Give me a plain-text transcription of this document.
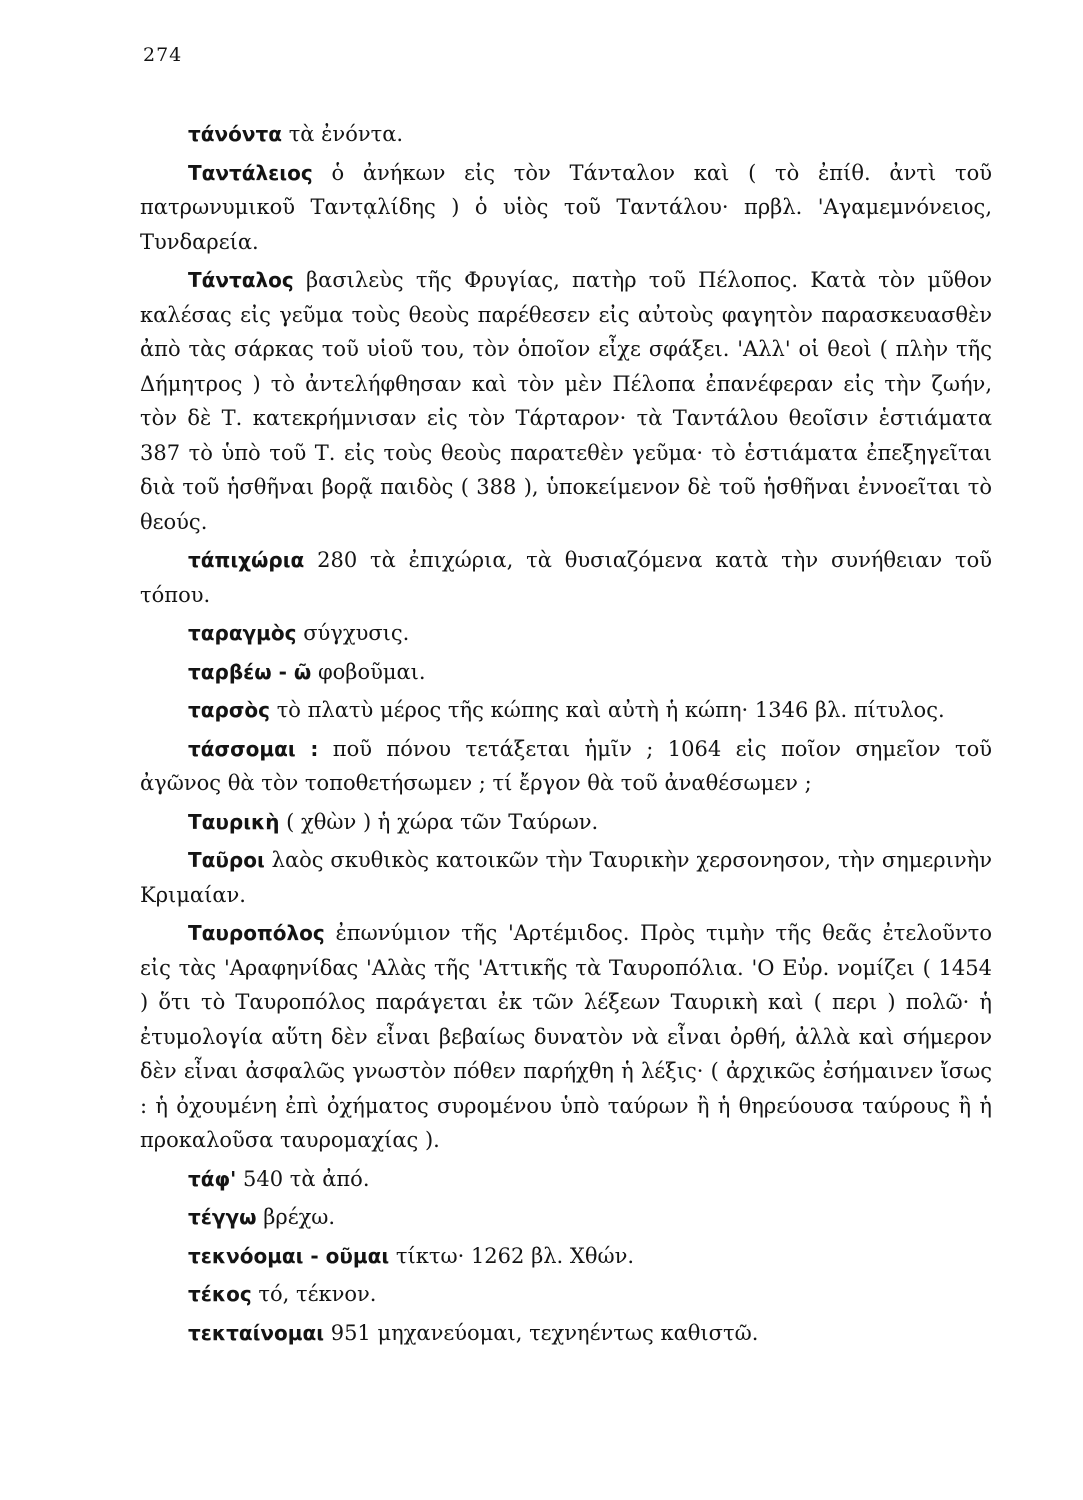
274

τάνόντα τὰ ἐνόντα.

Ταντάλειος ὁ ἀνήκων εἰς τὸν Τάνταλον καὶ ( τὸ ἐπίθ. ἀντὶ τοῦ πατρωνυμικοῦ Ταντᾳλίδης ) ὁ υἱὸς τοῦ Ταντάλου· πρβλ. 'Αγαμεμνόνειος, Τυνδαρεία.

Τάνταλος βασιλεὺς τῆς Φρυγίας, πατὴρ τοῦ Πέλοπος. Κατὰ τὸν μῦθον καλέσας εἰς γεῦμα τοὺς θεοὺς παρέθεσεν εἰς αὐτοὺς φαγητὸν παρασκευασθὲν ἀπὸ τὰς σάρκας τοῦ υἱοῦ του, τὸν ὁποῖον εἶχε σφάξει. 'Αλλ' οἱ θεοὶ ( πλὴν τῆς Δήμητρος ) τὸ ἀντελήφθησαν καὶ τὸν μὲν Πέλοπα ἐπανέφεραν εἰς τὴν ζωήν, τὸν δὲ Τ. κατεκρήμνισαν εἰς τὸν Τάρταρον· τὰ Ταντάλου θεοῖσιν ἑστιάματα 387 τὸ ὑπὸ τοῦ Τ. εἰς τοὺς θεοὺς παρατεθὲν γεῦμα· τὸ ἑστιάματα ἐπεξηγεῖται διὰ τοῦ ἡσθῆναι βορᾷ παιδὸς ( 388 ), ὑποκείμενον δὲ τοῦ ἡσθῆναι ἐννοεῖται τὸ θεούς.

τάπιχώρια 280 τὰ ἐπιχώρια, τὰ θυσιαζόμενα κατὰ τὴν συνήθειαν τοῦ τόπου.

ταραγμὸς σύγχυσις.

ταρβέω - ῶ φοβοῦμαι.

ταρσὸς τὸ πλατὺ μέρος τῆς κώπης καὶ αὐτὴ ἡ κώπη· 1346 βλ. πίτυλος.

τάσσομαι : ποῦ πόνου τετάξεται ἡμῖν ; 1064 εἰς ποῖον σημεῖον τοῦ ἀγῶνος θὰ τὸν τοποθετήσωμεν ; τί ἔργον θὰ τοῦ ἀναθέσωμεν ;

Ταυρικὴ ( χθὼν ) ἡ χώρα τῶν Ταύρων.

Ταῦροι λαὸς σκυθικὸς κατοικῶν τὴν Ταυρικὴν χερσονησον, τὴν σημερινὴν Κριμαίαν.

Ταυροπόλος ἐπωνύμιον τῆς 'Αρτέμιδος. Πρὸς τιμὴν τῆς θεᾶς ἐτελοῦντο εἰς τὰς 'Αραφηνίδας 'Αλὰς τῆς 'Αττικῆς τὰ Ταυροπόλια. 'Ο Εὐρ. νομίζει ( 1454 ) ὅτι τὸ Ταυροπόλος παράγεται ἐκ τῶν λέξεων Ταυρικὴ καὶ ( περι ) πολῶ· ἡ ἐτυμολογία αὕτη δὲν εἶναι βεβαίως δυνατὸν νὰ εἶναι ὀρθή, ἀλλὰ καὶ σήμερον δὲν εἶναι ἀσφαλῶς γνωστὸν πόθεν παρήχθη ἡ λέξις· ( ἀρχικῶς ἐσήμαινεν ἴσως : ἡ ὀχουμένη ἐπὶ ὀχήματος συρομένου ὑπὸ ταύρων ἢ ἡ θηρεύουσα ταύρους ἢ ἡ προκαλοῦσα ταυρομαχίας ).

τάφ' 540 τὰ ἀπό.

τέγγω βρέχω.

τεκνόομαι - οῦμαι τίκτω· 1262 βλ. Χθών.

τέκος τό, τέκνον.

τεκταίνομαι 951 μηχανεύομαι, τεχνηέντως καθιστῶ.
